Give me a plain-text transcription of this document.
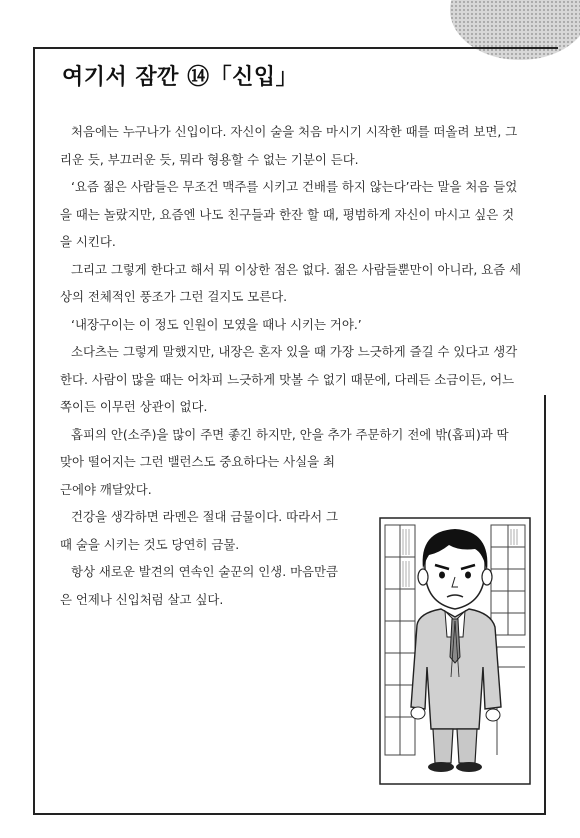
여기서 잠깐 ⑭「신입」

처음에는 누구나가 신입이다. 자신이 술을 처음 마시기 시작한 때를 떠올려 보면, 그리운 듯, 부끄러운 듯, 뭐라 형용할 수 없는 기분이 든다.

‘요즘 젊은 사람들은 무조건 맥주를 시키고 건배를 하지 않는다’라는 말을 처음 들었을 때는 놀랐지만, 요즘엔 나도 친구들과 한잔 할 때, 평범하게 자신이 마시고 싶은 것을 시킨다.

그리고 그렇게 한다고 해서 뭐 이상한 점은 없다. 젊은 사람들뿐만이 아니라, 요즘 세상의 전체적인 풍조가 그런 걸지도 모른다.

‘내장구이는 이 정도 인원이 모였을 때나 시키는 거야.’

소다츠는 그렇게 말했지만, 내장은 혼자 있을 때 가장 느긋하게 즐길 수 있다고 생각한다. 사람이 많을 때는 어차피 느긋하게 맛볼 수 없기 때문에, 다레든 소금이든, 어느 쪽이든 이무런 상관이 없다.

홉피의 안(소주)을 많이 주면 좋긴 하지만, 안을 추가 주문하기 전에 밖(홉피)과 딱 맞아 떨어지는 그런 밸런스도 중요하다는 사실을 최

근에야 깨달았다.

건강을 생각하면 라멘은 절대 금물이다. 따라서 그때 술을 시키는 것도 당연히 금물.

항상 새로운 발견의 연속인 술꾼의 인생. 마음만큼은 언제나 신입처럼 살고 싶다.
